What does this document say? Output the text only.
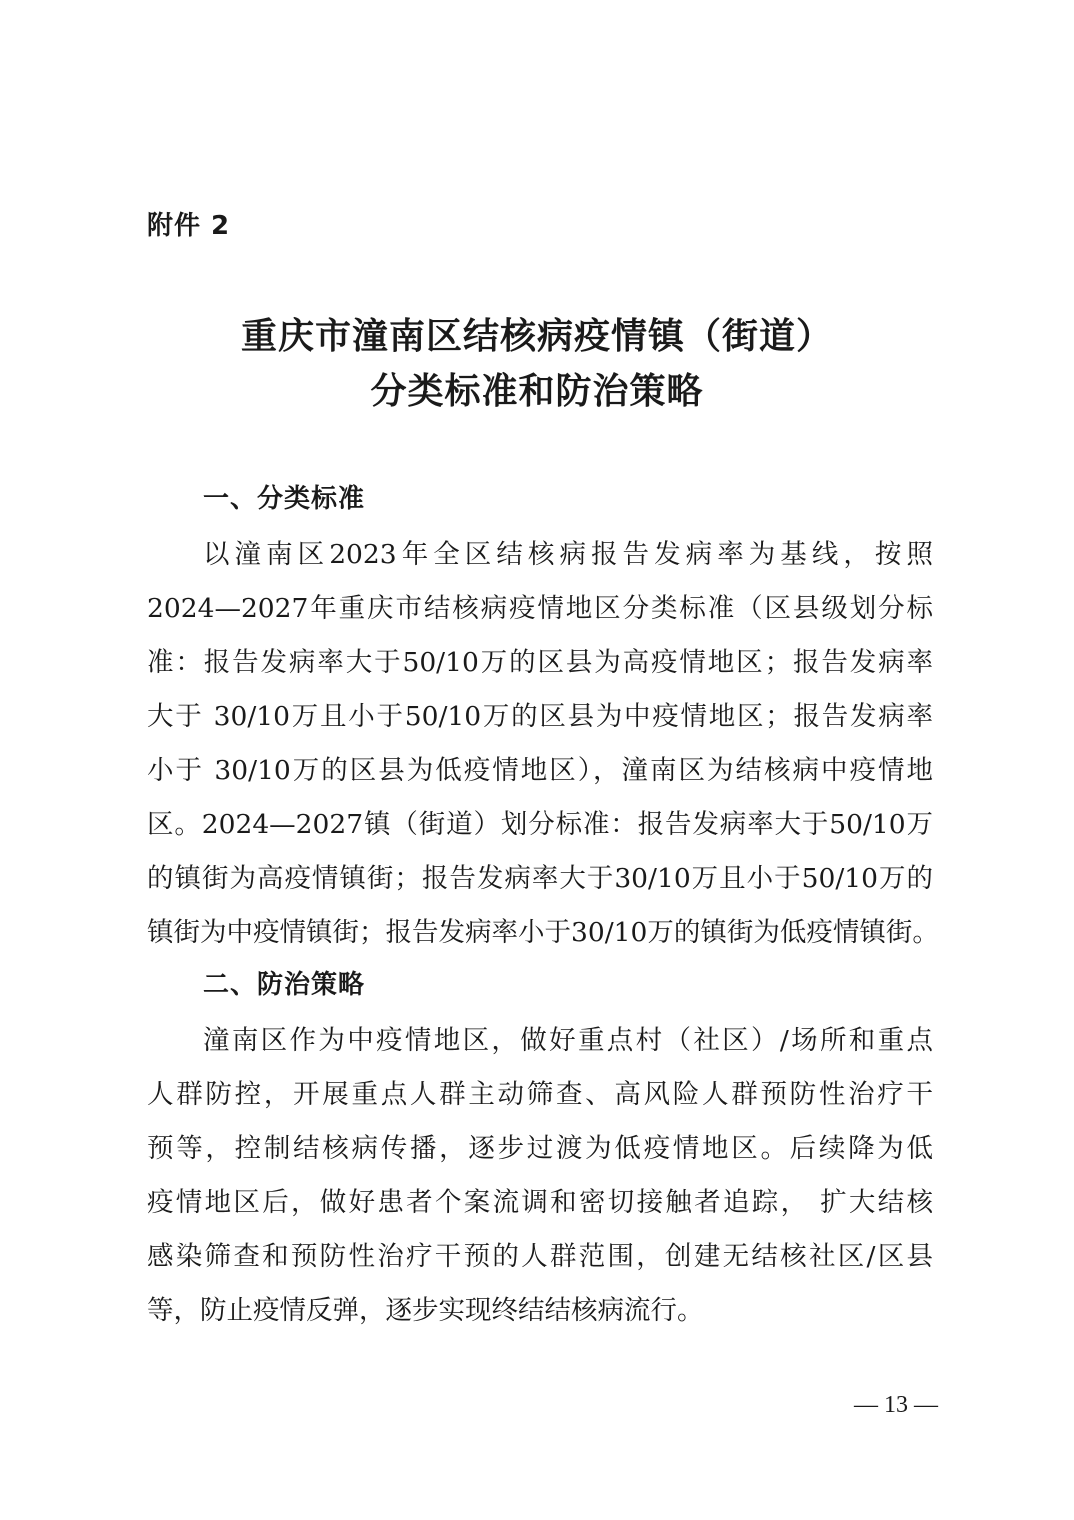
附件 2
重庆市潼南区结核病疫情镇（街道）
分类标准和防治策略
一、分类标准
以潼南区2023年全区结核病报告发病率为基线，按照
2024—2027年重庆市结核病疫情地区分类标准（区县级划分标
准：报告发病率大于50/10万的区县为高疫情地区；报告发病率
大于 30/10万且小于50/10万的区县为中疫情地区；报告发病率
小于 30/10万的区县为低疫情地区），潼南区为结核病中疫情地
区。2024—2027镇（街道）划分标准：报告发病率大于50/10万
的镇街为高疫情镇街；报告发病率大于30/10万且小于50/10万的
镇街为中疫情镇街；报告发病率小于30/10万的镇街为低疫情镇街。
二、防治策略
潼南区作为中疫情地区，做好重点村（社区）/场所和重点
人群防控，开展重点人群主动筛查、高风险人群预防性治疗干
预等，控制结核病传播，逐步过渡为低疫情地区。后续降为低
疫情地区后，做好患者个案流调和密切接触者追踪， 扩大结核
感染筛查和预防性治疗干预的人群范围，创建无结核社区/区县
等，防止疫情反弹，逐步实现终结结核病流行。
— 13 —
